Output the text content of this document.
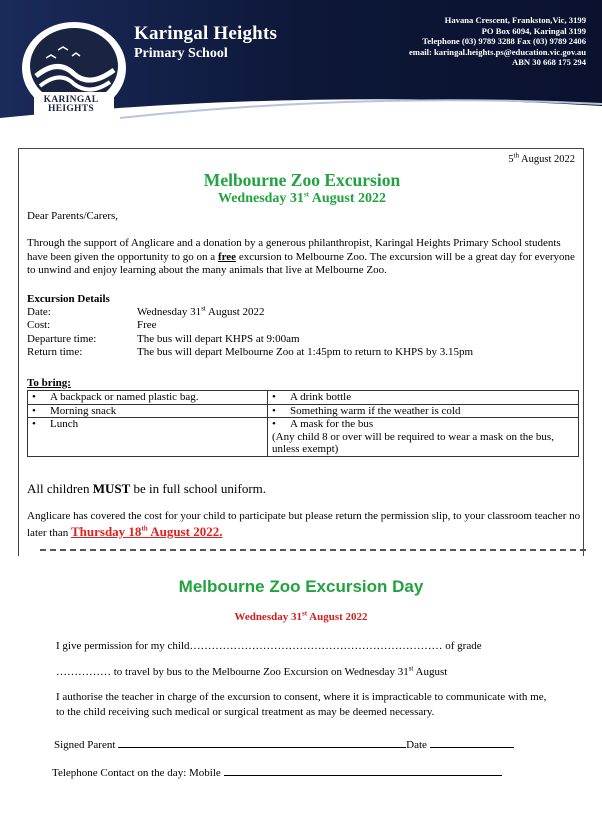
KARINGAL
HEIGHTS
Karingal Heights
Primary School
Havana Crescent, Frankston,Vic, 3199
PO Box 6094, Karingal 3199
Telephone (03) 9789 3288 Fax (03) 9789 2406
email: karingal.heights.ps@education.vic.gov.au
ABN 30 668 175 294
5th August 2022
Melbourne Zoo Excursion
Wednesday 31st August 2022
Dear Parents/Carers,
Through the support of Anglicare and a donation by a generous philanthropist, Karingal Heights Primary School students have been given the opportunity to go on a free excursion to Melbourne Zoo. The excursion will be a great day for everyone to unwind and enjoy learning about the many animals that live at Melbourne Zoo.
Excursion Details
Date:	Wednesday 31st August 2022
Cost:	Free
Departure time:	The bus will depart KHPS at 9:00am
Return time:	The bus will depart Melbourne Zoo at 1:45pm to return to KHPS by 3.15pm
To bring:
• A backpack or named plastic bag.	• A drink bottle
• Morning snack	• Something warm if the weather is cold
• Lunch	• A mask for the bus
(Any child 8 or over will be required to wear a mask on the bus, unless exempt)
All children MUST be in full school uniform.
Anglicare has covered the cost for your child to participate but please return the permission slip, to your classroom teacher no later than Thursday 18th August 2022.
Melbourne Zoo Excursion Day
Wednesday 31st August 2022
I give permission for my child…………………………………………………………… of grade
…………… to travel by bus to the Melbourne Zoo Excursion on Wednesday 31st August
I authorise the teacher in charge of the excursion to consent, where it is impracticable to communicate with me, to the child receiving such medical or surgical treatment as may be deemed necessary.
Signed Parent	Date
Telephone Contact on the day: Mobile
